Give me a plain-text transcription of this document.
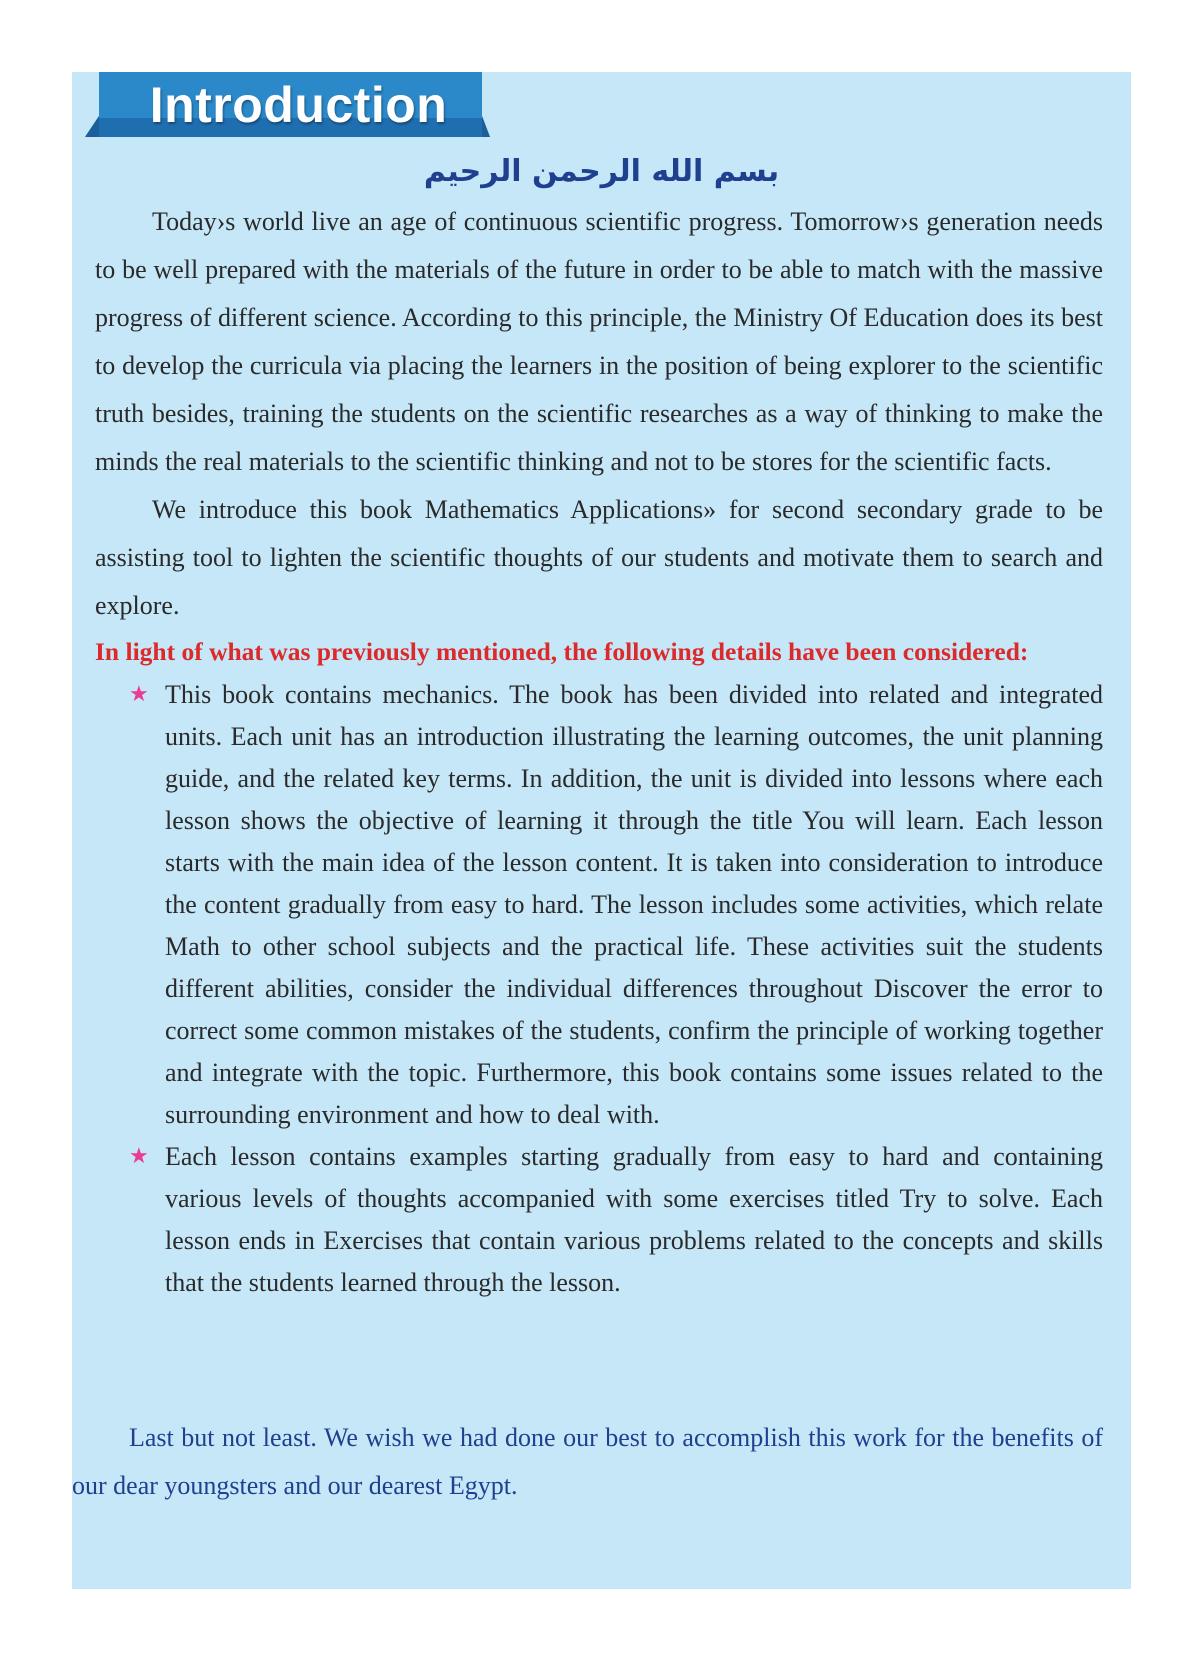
Introduction
بسم الله الرحمن الرحيم

Today›s world live an age of continuous scientific progress. Tomorrow›s generation needs to be well prepared with the materials of the future in order to be able to match with the massive progress of different science. According to this principle, the Ministry Of Education does its best to develop the curricula via placing the learners in the position of being explorer to the scientific truth besides, training the students on the scientific researches as a way of thinking to make the minds the real materials to the scientific thinking and not to be stores for the scientific facts.

We introduce this book Mathematics Applications» for second secondary grade to be assisting tool to lighten the scientific thoughts of our students and motivate them to search and explore.

In light of what was previously mentioned, the following details have been considered:

★ This book contains mechanics. The book has been divided into related and integrated units. Each unit has an introduction illustrating the learning outcomes, the unit planning guide, and the related key terms. In addition, the unit is divided into lessons where each lesson shows the objective of learning it through the title You will learn. Each lesson starts with the main idea of the lesson content. It is taken into consideration to introduce the content gradually from easy to hard. The lesson includes some activities, which relate Math to other school subjects and the practical life. These activities suit the students different abilities, consider the individual differences throughout Discover the error to correct some common mistakes of the students, confirm the principle of working together and integrate with the topic. Furthermore, this book contains some issues related to the surrounding environment and how to deal with.
★ Each lesson contains examples starting gradually from easy to hard and containing various levels of thoughts accompanied with some exercises titled Try to solve. Each lesson ends in Exercises that contain various problems related to the concepts and skills that the students learned through the lesson.

Last but not least. We wish we had done our best to accomplish this work for the benefits of our dear youngsters and our dearest Egypt.
